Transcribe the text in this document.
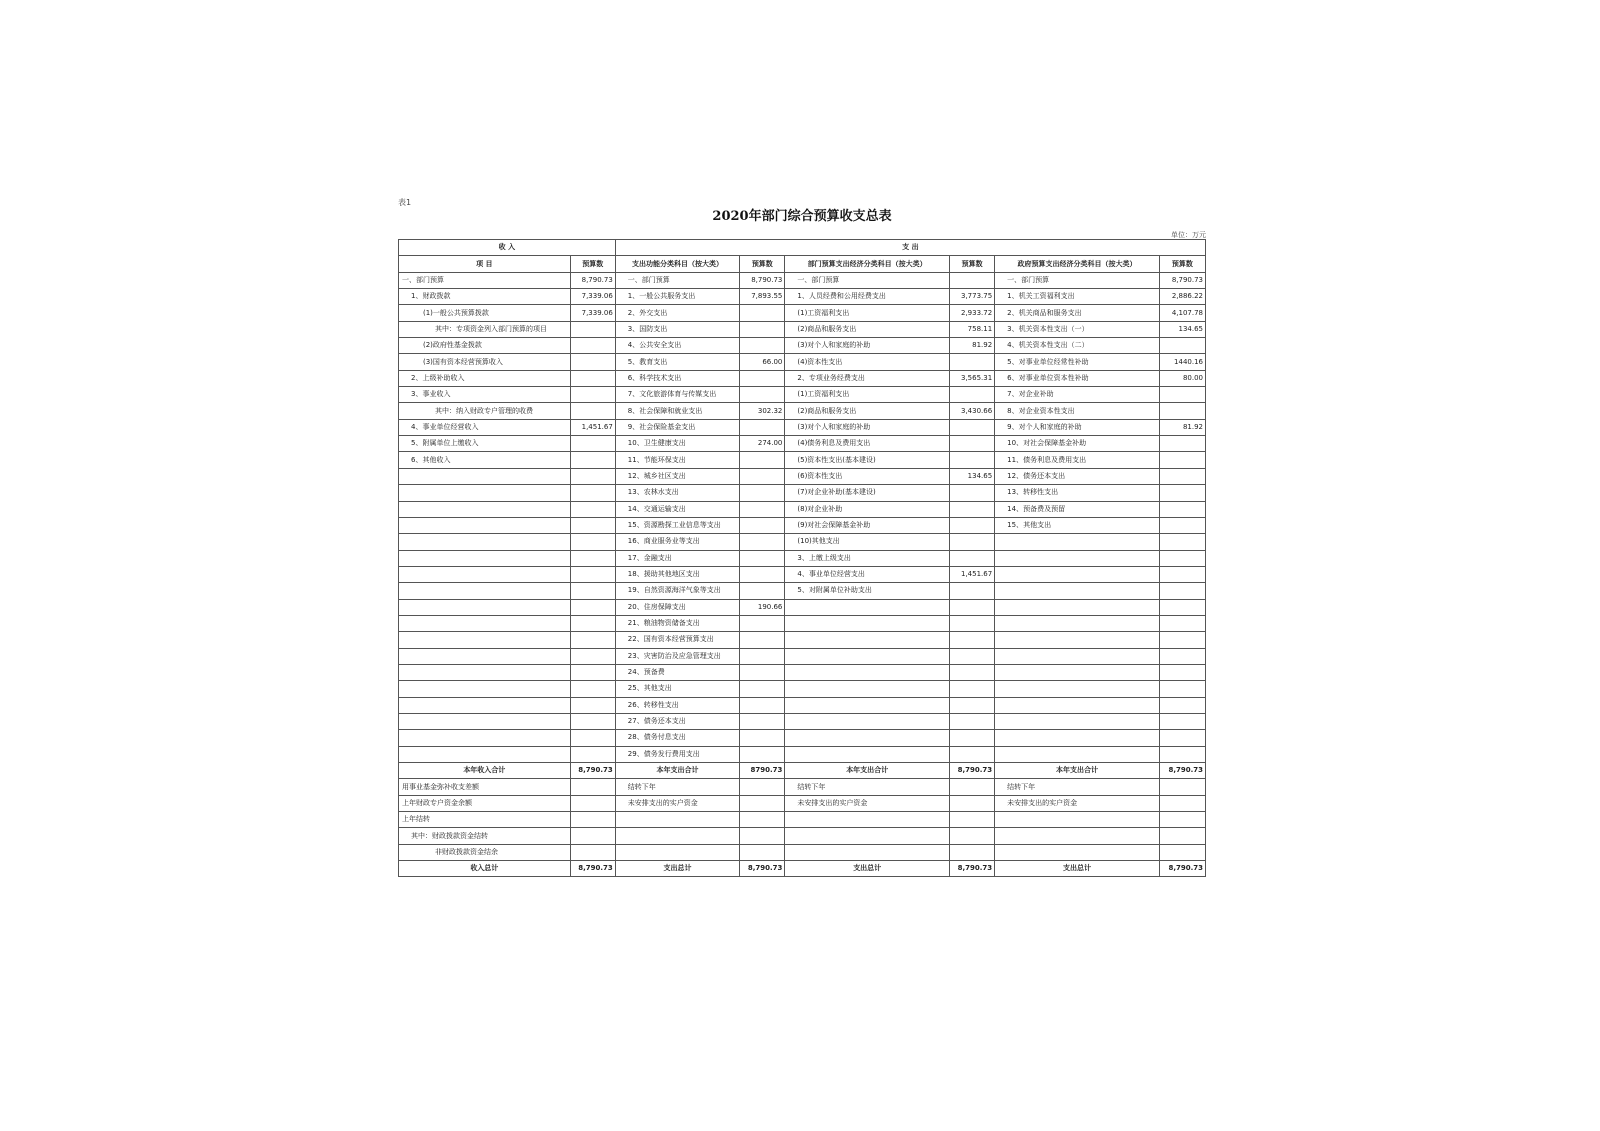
表1
2020年部门综合预算收支总表
单位：万元
收 入		支 出					
项 目	预算数	支出功能分类科目（按大类）	预算数	部门预算支出经济分类科目（按大类）	预算数	政府预算支出经济分类科目（按大类）	预算数
一、部门预算	8,790.73	一、部门预算	8,790.73	一、部门预算		一、部门预算	8,790.73
1、财政拨款	7,339.06	1、一般公共服务支出	7,893.55	1、人员经费和公用经费支出	3,773.75	1、机关工资福利支出	2,886.22
(1)一般公共预算拨款	7,339.06	2、外交支出		(1)工资福利支出	2,933.72	2、机关商品和服务支出	4,107.78
其中：专项资金列入部门预算的项目		3、国防支出		(2)商品和服务支出	758.11	3、机关资本性支出（一）	134.65
(2)政府性基金拨款		4、公共安全支出		(3)对个人和家庭的补助	81.92	4、机关资本性支出（二）	
(3)国有资本经营预算收入		5、教育支出	66.00	(4)资本性支出		5、对事业单位经常性补助	1440.16
2、上级补助收入		6、科学技术支出		2、专项业务经费支出	3,565.31	6、对事业单位资本性补助	80.00
3、事业收入		7、文化旅游体育与传媒支出		(1)工资福利支出		7、对企业补助	
其中：纳入财政专户管理的收费		8、社会保障和就业支出	302.32	(2)商品和服务支出	3,430.66	8、对企业资本性支出	
4、事业单位经营收入	1,451.67	9、社会保险基金支出		(3)对个人和家庭的补助		9、对个人和家庭的补助	81.92
5、附属单位上缴收入		10、卫生健康支出	274.00	(4)债务利息及费用支出		10、对社会保障基金补助	
6、其他收入		11、节能环保支出		(5)资本性支出(基本建设)		11、债务利息及费用支出	
		12、城乡社区支出		(6)资本性支出	134.65	12、债务还本支出	
		13、农林水支出		(7)对企业补助(基本建设)		13、转移性支出	
		14、交通运输支出		(8)对企业补助		14、预备费及预留	
		15、资源勘探工业信息等支出		(9)对社会保障基金补助		15、其他支出	
		16、商业服务业等支出		(10)其他支出			
		17、金融支出		3、上缴上级支出			
		18、援助其他地区支出		4、事业单位经营支出	1,451.67		
		19、自然资源海洋气象等支出		5、对附属单位补助支出			
		20、住房保障支出	190.66				
		21、粮油物资储备支出					
		22、国有资本经营预算支出					
		23、灾害防治及应急管理支出					
		24、预备费					
		25、其他支出					
		26、转移性支出					
		27、债务还本支出					
		28、债务付息支出					
		29、债务发行费用支出					
本年收入合计	8,790.73	本年支出合计	8790.73	本年支出合计	8,790.73	本年支出合计	8,790.73
用事业基金弥补收支差额		结转下年		结转下年		结转下年	
上年财政专户资金余额		未安排支出的实户资金		未安排支出的实户资金		未安排支出的实户资金	
上年结转							
其中：财政拨款资金结转							
非财政拨款资金结余							
收入总计	8,790.73	支出总计	8,790.73	支出总计	8,790.73	支出总计	8,790.73
